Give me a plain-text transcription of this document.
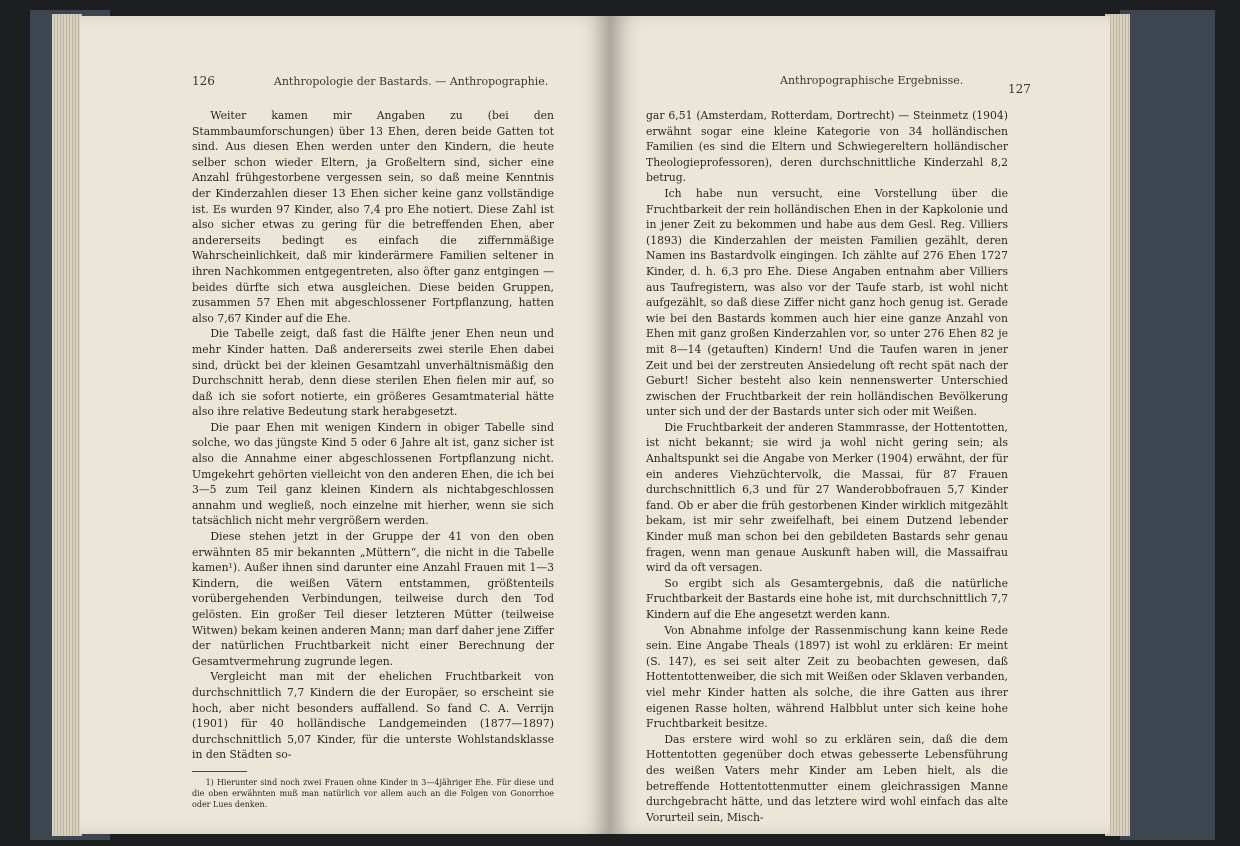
126	Anthropologie der Bastards. — Anthropographie.

Weiter kamen mir Angaben zu (bei den Stammbaumforschungen) über 13 Ehen, deren beide Gatten tot sind. Aus diesen Ehen werden unter den Kindern, die heute selber schon wieder Eltern, ja Großeltern sind, sicher eine Anzahl frühgestorbene vergessen sein, so daß meine Kenntnis der Kinderzahlen dieser 13 Ehen sicher keine ganz vollständige ist. Es wurden 97 Kinder, also 7,4 pro Ehe notiert. Diese Zahl ist also sicher etwas zu gering für die betreffenden Ehen, aber andererseits bedingt es einfach die ziffernmäßige Wahrscheinlichkeit, daß mir kinderärmere Familien seltener in ihren Nachkommen entgegentreten, also öfter ganz entgingen — beides dürfte sich etwa ausgleichen. Diese beiden Gruppen, zusammen 57 Ehen mit abgeschlossener Fortpflanzung, hatten also 7,67 Kinder auf die Ehe.

Die Tabelle zeigt, daß fast die Hälfte jener Ehen neun und mehr Kinder hatten. Daß andererseits zwei sterile Ehen dabei sind, drückt bei der kleinen Gesamtzahl unverhältnismäßig den Durchschnitt herab, denn diese sterilen Ehen fielen mir auf, so daß ich sie sofort notierte, ein größeres Gesamtmaterial hätte also ihre relative Bedeutung stark herabgesetzt.

Die paar Ehen mit wenigen Kindern in obiger Tabelle sind solche, wo das jüngste Kind 5 oder 6 Jahre alt ist, ganz sicher ist also die Annahme einer abgeschlossenen Fortpflanzung nicht. Umgekehrt gehörten vielleicht von den anderen Ehen, die ich bei 3—5 zum Teil ganz kleinen Kindern als nichtabgeschlossen annahm und wegließ, noch einzelne mit hierher, wenn sie sich tatsächlich nicht mehr vergrößern werden.

Diese stehen jetzt in der Gruppe der 41 von den oben erwähnten 85 mir bekannten „Müttern“, die nicht in die Tabelle kamen¹). Außer ihnen sind darunter eine Anzahl Frauen mit 1—3 Kindern, die weißen Vätern entstammen, größtenteils vorübergehenden Verbindungen, teilweise durch den Tod gelösten. Ein großer Teil dieser letzteren Mütter (teilweise Witwen) bekam keinen anderen Mann; man darf daher jene Ziffer der natürlichen Fruchtbarkeit nicht einer Berechnung der Gesamtvermehrung zugrunde legen.

Vergleicht man mit der ehelichen Fruchtbarkeit von durchschnittlich 7,7 Kindern die der Europäer, so erscheint sie hoch, aber nicht besonders auffallend. So fand C. A. Verrijn (1901) für 40 holländische Landgemeinden (1877—1897) durchschnittlich 5,07 Kinder, für die unterste Wohlstandsklasse in den Städten so-

1) Hierunter sind noch zwei Frauen ohne Kinder in 3—4jähriger Ehe. Für diese und die oben erwähnten muß man natürlich vor allem auch an die Folgen von Gonorrhoe oder Lues denken.

Anthropographische Ergebnisse.
127

gar 6,51 (Amsterdam, Rotterdam, Dortrecht) — Steinmetz (1904) erwähnt sogar eine kleine Kategorie von 34 holländischen Familien (es sind die Eltern und Schwiegereltern holländischer Theologieprofessoren), deren durchschnittliche Kinderzahl 8,2 betrug.

Ich habe nun versucht, eine Vorstellung über die Fruchtbarkeit der rein holländischen Ehen in der Kapkolonie und in jener Zeit zu bekommen und habe aus dem Gesl. Reg. Villiers (1893) die Kinderzahlen der meisten Familien gezählt, deren Namen ins Bastardvolk eingingen. Ich zählte auf 276 Ehen 1727 Kinder, d. h. 6,3 pro Ehe. Diese Angaben entnahm aber Villiers aus Taufregistern, was also vor der Taufe starb, ist wohl nicht aufgezählt, so daß diese Ziffer nicht ganz hoch genug ist. Gerade wie bei den Bastards kommen auch hier eine ganze Anzahl von Ehen mit ganz großen Kinderzahlen vor, so unter 276 Ehen 82 je mit 8—14 (getauften) Kindern! Und die Taufen waren in jener Zeit und bei der zerstreuten Ansiedelung oft recht spät nach der Geburt! Sicher besteht also kein nennenswerter Unterschied zwischen der Fruchtbarkeit der rein holländischen Bevölkerung unter sich und der der Bastards unter sich oder mit Weißen.

Die Fruchtbarkeit der anderen Stammrasse, der Hottentotten, ist nicht bekannt; sie wird ja wohl nicht gering sein; als Anhaltspunkt sei die Angabe von Merker (1904) erwähnt, der für ein anderes Viehzüchtervolk, die Massai, für 87 Frauen durchschnittlich 6,3 und für 27 Wanderobbofrauen 5,7 Kinder fand. Ob er aber die früh gestorbenen Kinder wirklich mitgezählt bekam, ist mir sehr zweifelhaft, bei einem Dutzend lebender Kinder muß man schon bei den gebildeten Bastards sehr genau fragen, wenn man genaue Auskunft haben will, die Massaifrau wird da oft versagen.

So ergibt sich als Gesamtergebnis, daß die natürliche Fruchtbarkeit der Bastards eine hohe ist, mit durchschnittlich 7,7 Kindern auf die Ehe angesetzt werden kann.

Von Abnahme infolge der Rassenmischung kann keine Rede sein. Eine Angabe Theals (1897) ist wohl zu erklären: Er meint (S. 147), es sei seit alter Zeit zu beobachten gewesen, daß Hottentottenweiber, die sich mit Weißen oder Sklaven verbanden, viel mehr Kinder hatten als solche, die ihre Gatten aus ihrer eigenen Rasse holten, während Halbblut unter sich keine hohe Fruchtbarkeit besitze.

Das erstere wird wohl so zu erklären sein, daß die dem Hottentotten gegenüber doch etwas gebesserte Lebensführung des weißen Vaters mehr Kinder am Leben hielt, als die betreffende Hottentottenmutter einem gleichrassigen Manne durchgebracht hätte, und das letztere wird wohl einfach das alte Vorurteil sein, Misch-
